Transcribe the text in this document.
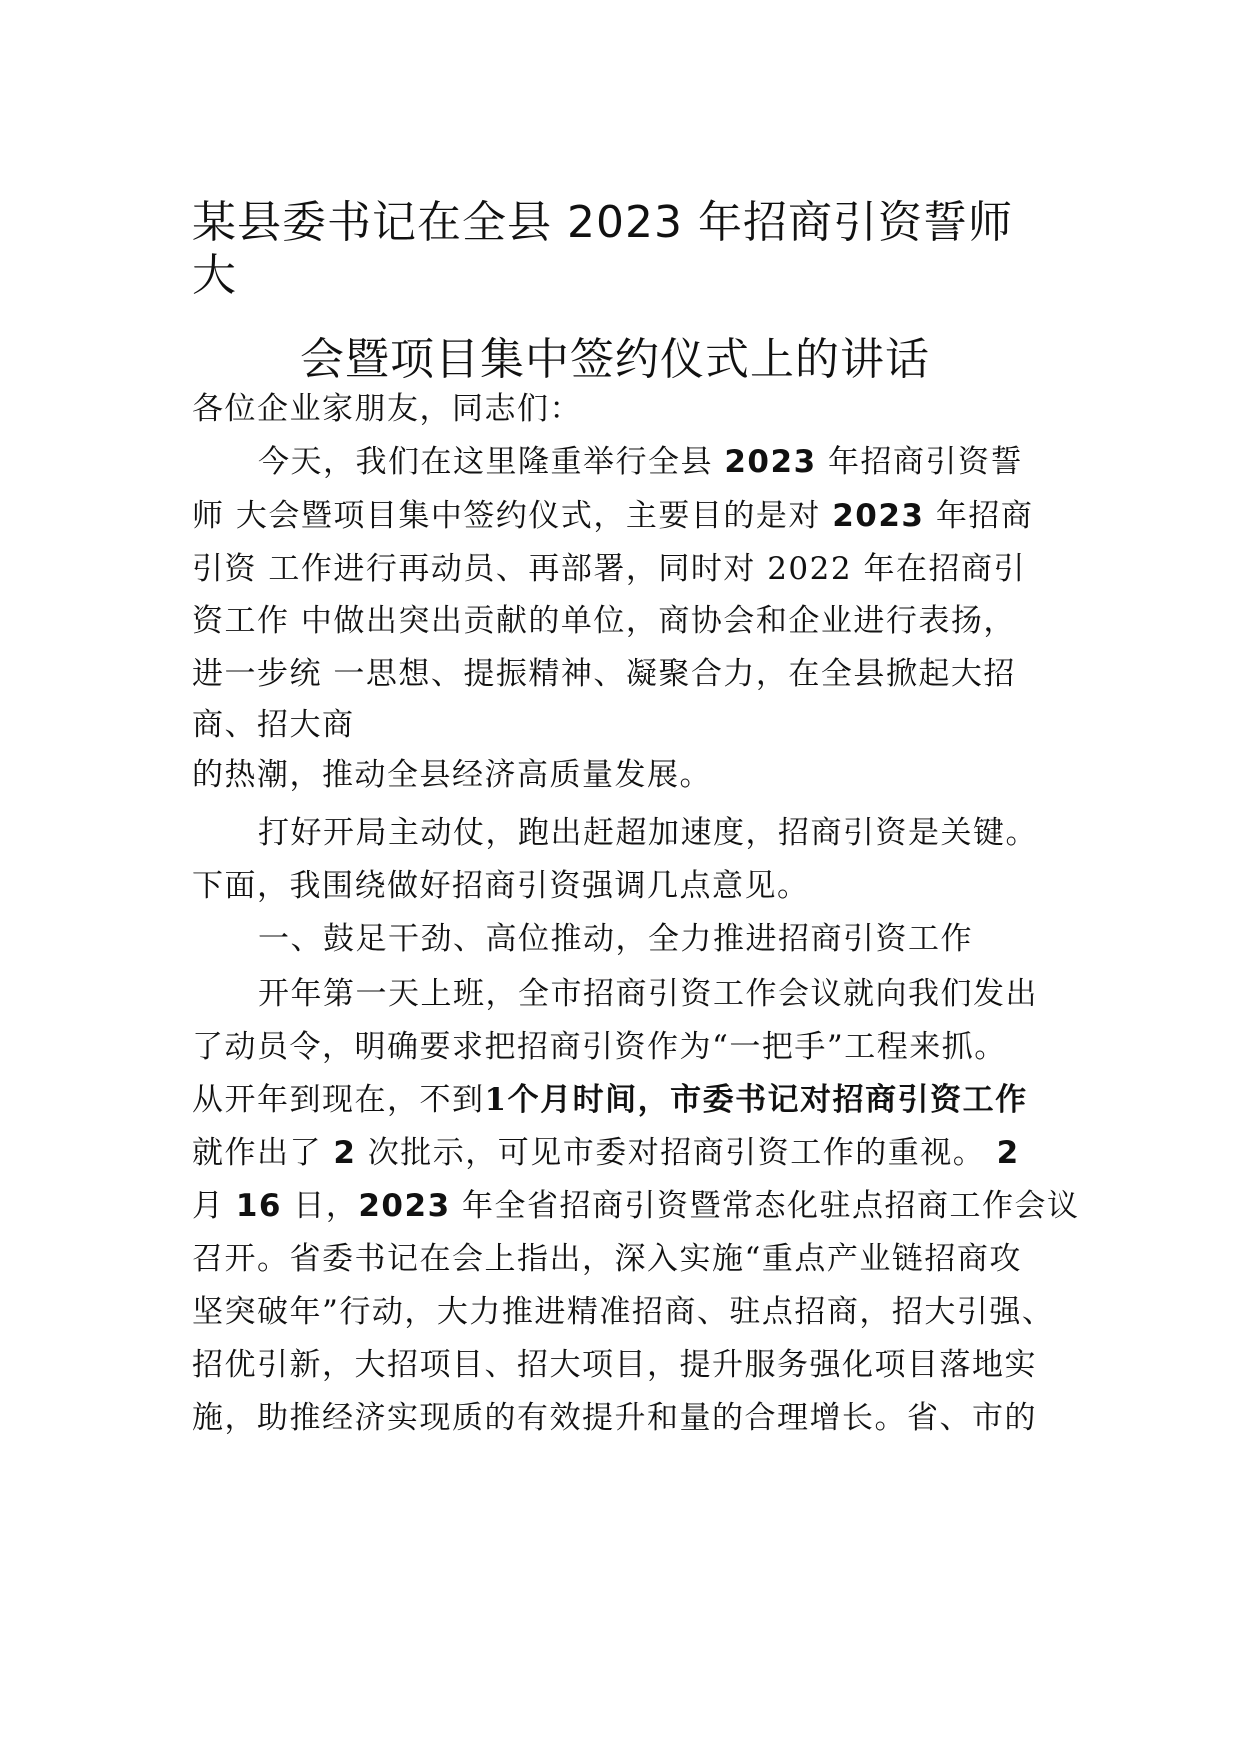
某县委书记在全县 2023 年招商引资誓师
大
会暨项目集中签约仪式上的讲话
各位企业家朋友，同志们：
今天，我们在这里隆重举行全县 2023 年招商引资誓
师 大会暨项目集中签约仪式，主要目的是对 2023 年招商
引资 工作进行再动员、再部署，同时对 2022 年在招商引
资工作 中做出突出贡献的单位，商协会和企业进行表扬，
进一步统 一思想、提振精神、凝聚合力，在全县掀起大招
商、招大商
的热潮，推动全县经济高质量发展。
打好开局主动仗，跑出赶超加速度，招商引资是关键。
下面，我围绕做好招商引资强调几点意见。
一、鼓足干劲、高位推动，全力推进招商引资工作
开年第一天上班，全市招商引资工作会议就向我们发出
了动员令，明确要求把招商引资作为“一把手”工程来抓。
从开年到现在，不到1个月时间，市委书记对招商引资工作
就作出了 2 次批示，可见市委对招商引资工作的重视。 2
月 16 日，2023 年全省招商引资暨常态化驻点招商工作会议
召开。省委书记在会上指出，深入实施“重点产业链招商攻
坚突破年”行动，大力推进精准招商、驻点招商，招大引强、
招优引新，大招项目、招大项目，提升服务强化项目落地实
施，助推经济实现质的有效提升和量的合理增长。省、市的
